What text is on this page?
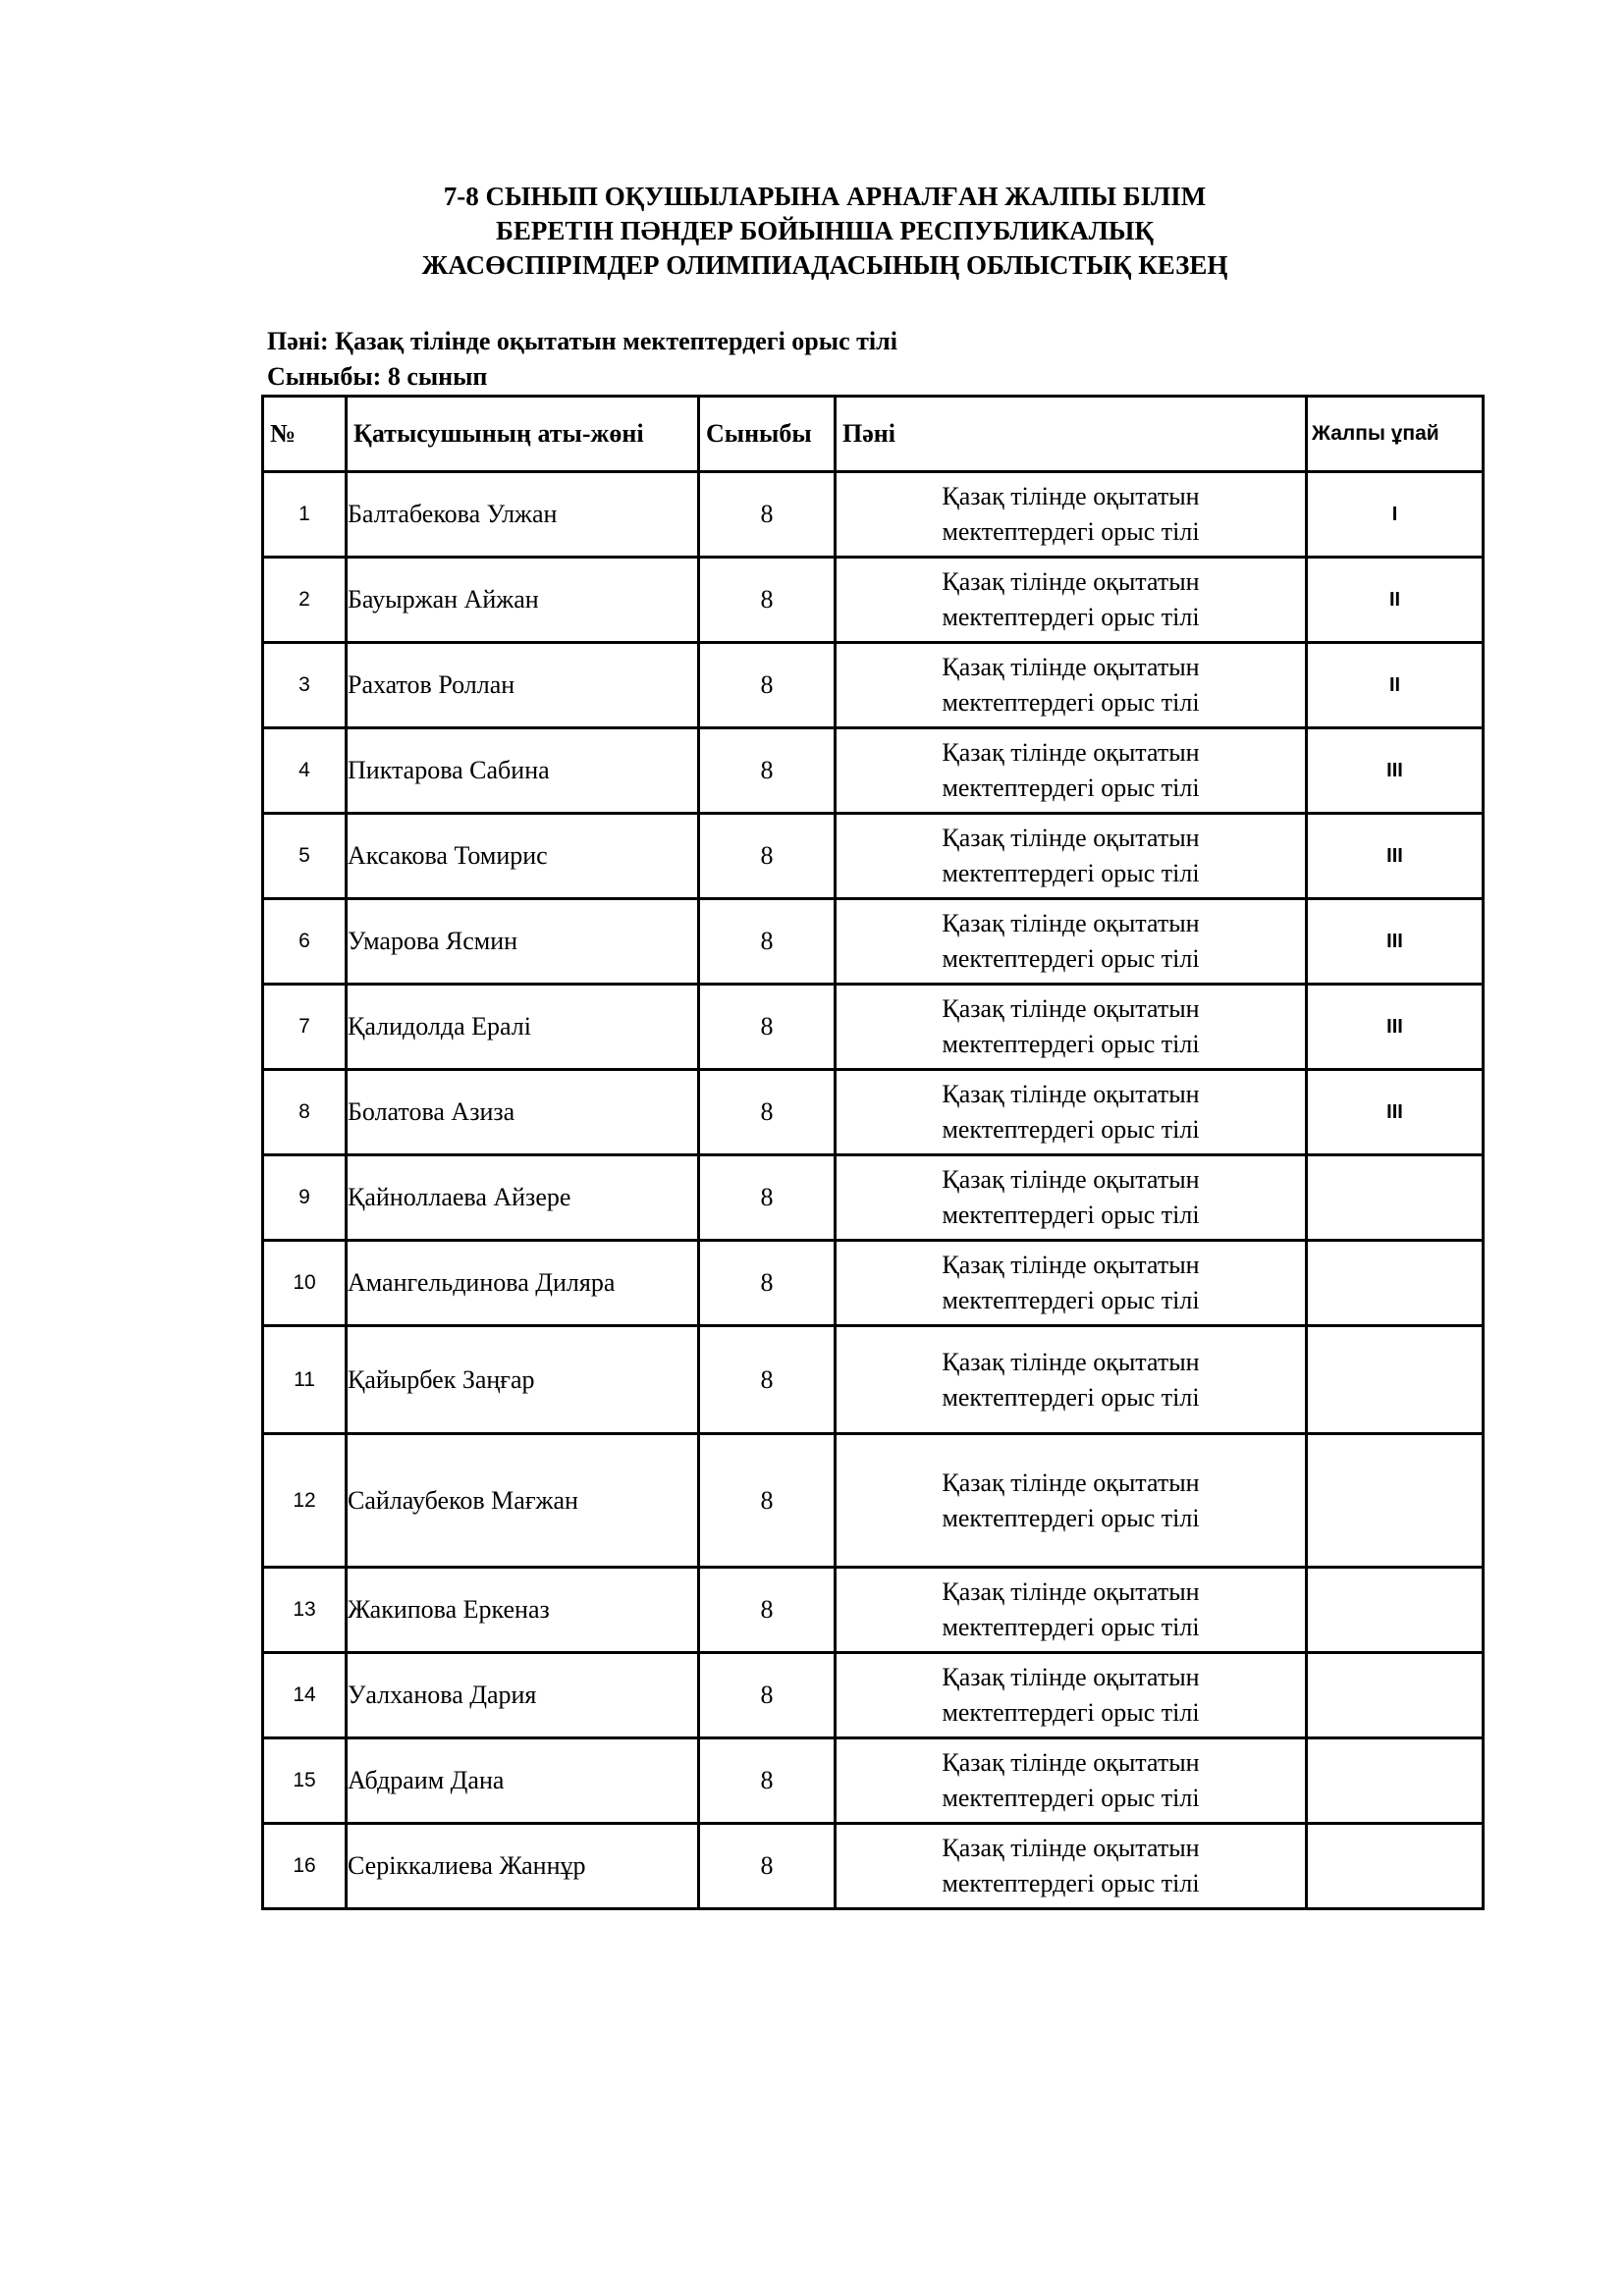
7-8 СЫНЫП ОҚУШЫЛАРЫНА АРНАЛҒАН ЖАЛПЫ БІЛІМ
БЕРЕТІН ПӘНДЕР БОЙЫНША РЕСПУБЛИКАЛЫҚ
ЖАСӨСПІРІМДЕР ОЛИМПИАДАСЫНЫҢ ОБЛЫСТЫҚ КЕЗЕҢ
Пәні: Қазақ тілінде оқытатын мектептердегі орыс тілі
Сыныбы: 8 сынып
№	Қатысушының аты-жөні	Сыныбы	Пәні	Жалпы ұпай
1	Балтабекова Улжан	8	Қазақ тілінде оқытатын
мектептердегі орыс тілі	I
2	Бауыржан Айжан	8	Қазақ тілінде оқытатын
мектептердегі орыс тілі	II
3	Рахатов Роллан	8	Қазақ тілінде оқытатын
мектептердегі орыс тілі	II
4	Пиктарова Сабина	8	Қазақ тілінде оқытатын
мектептердегі орыс тілі	III
5	Аксакова Томирис	8	Қазақ тілінде оқытатын
мектептердегі орыс тілі	III
6	Умарова Ясмин	8	Қазақ тілінде оқытатын
мектептердегі орыс тілі	III
7	Қалидолда Ералі	8	Қазақ тілінде оқытатын
мектептердегі орыс тілі	III
8	Болатова Азиза	8	Қазақ тілінде оқытатын
мектептердегі орыс тілі	III
9	Қайноллаева Айзере	8	Қазақ тілінде оқытатын
мектептердегі орыс тілі	

10	Амангельдинова Диляра	8	Қазақ тілінде оқытатын
мектептердегі орыс тілі	

11	Қайырбек Заңғар	8	Қазақ тілінде оқытатын
мектептердегі орыс тілі	

12	Сайлаубеков Мағжан	8	Қазақ тілінде оқытатын
мектептердегі орыс тілі	

13	Жакипова Еркеназ	8	Қазақ тілінде оқытатын
мектептердегі орыс тілі	

14	Уалханова Дария	8	Қазақ тілінде оқытатын
мектептердегі орыс тілі	

15	Абдраим Дана	8	Қазақ тілінде оқытатын
мектептердегі орыс тілі	

16	Серіккалиева Жаннұр	8	Қазақ тілінде оқытатын
мектептердегі орыс тілі	
